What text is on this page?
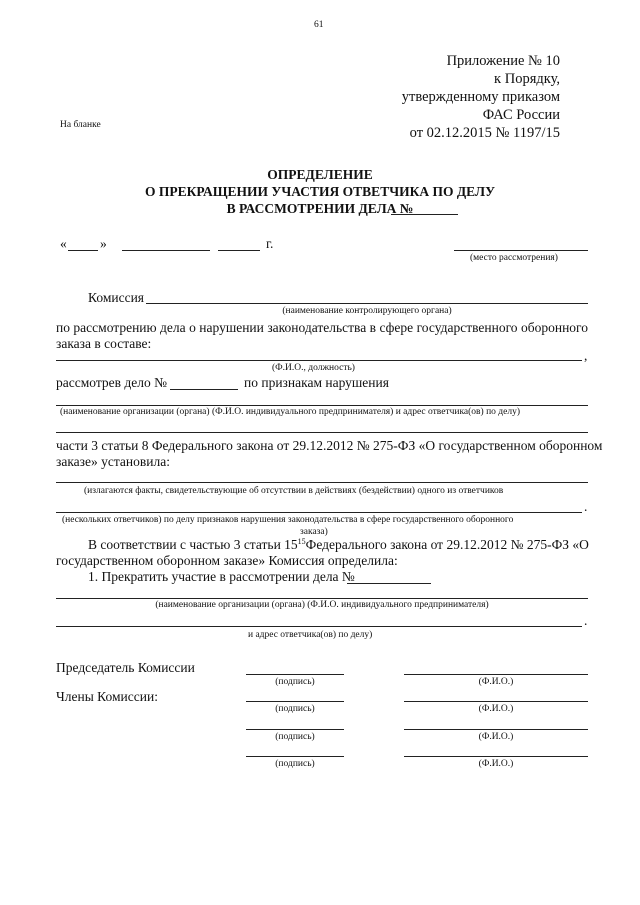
61
Приложение № 10
к Порядку,
утвержденному приказом
ФАС России
от 02.12.2015 № 1197/15
На бланке
ОПРЕДЕЛЕНИЕ
О ПРЕКРАЩЕНИИ УЧАСТИЯ ОТВЕТЧИКА ПО ДЕЛУ
В РАССМОТРЕНИИ ДЕЛА №
« »	г.
(место рассмотрения)
Комиссия
(наименование контролирующего органа)
по рассмотрению дела о нарушении законодательства в сфере государственного оборонного
заказа в составе:
,
(Ф.И.О., должность)
рассмотрев дело №	по признакам нарушения
(наименование организации (органа) (Ф.И.О. индивидуального предпринимателя) и адрес ответчика(ов) по делу)
части 3 статьи 8 Федерального закона от 29.12.2012 № 275-ФЗ «О государственном оборонном
заказе» установила:
(излагаются факты, свидетельствующие об отсутствии в действиях (бездействии) одного из ответчиков
.
(нескольких ответчиков) по делу признаков нарушения законодательства в сфере государственного оборонного
заказа)
В соответствии с частью 3 статьи $15^{15}$ Федерального закона от 29.12.2012 № 275-ФЗ «О
государственном оборонном заказе» Комиссия определила:
1. Прекратить участие в рассмотрении дела №
(наименование организации (органа) (Ф.И.О. индивидуального предпринимателя)
.
и адрес ответчика(ов) по делу)
Председатель Комиссии
Члены Комиссии:
(подпись)	(Ф.И.О.)
(подпись)	(Ф.И.О.)
(подпись)	(Ф.И.О.)
(подпись)	(Ф.И.О.)
